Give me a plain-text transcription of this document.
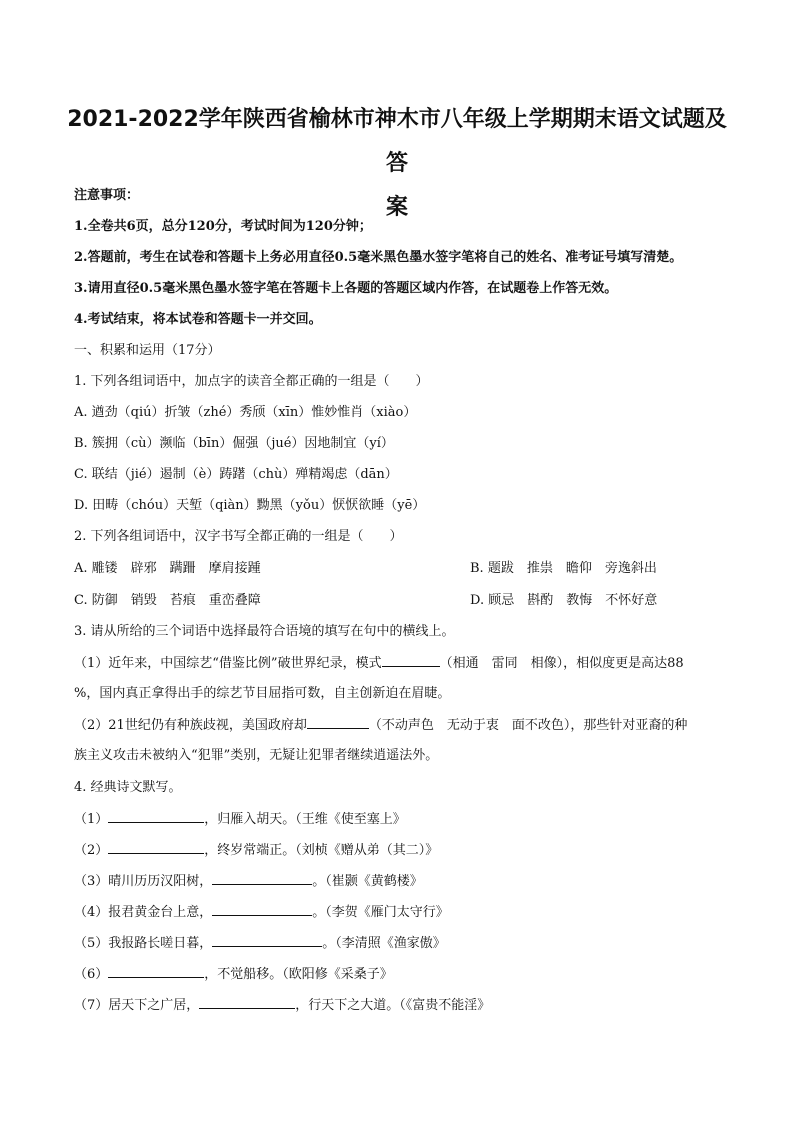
2021-2022学年陕西省榆林市神木市八年级上学期期末语文试题及答
案
注意事项：
1.全卷共6页，总分120分，考试时间为120分钟；
2.答题前，考生在试卷和答题卡上务必用直径0.5毫米黑色墨水签字笔将自己的姓名、准考证号填写清楚。
3.请用直径0.5毫米黑色墨水签字笔在答题卡上各题的答题区域内作答，在试题卷上作答无效。
4.考试结束，将本试卷和答题卡一并交回。
一、积累和运用（17分）
1. 下列各组词语中，加点字的读音全都正确的一组是（　　）
A. 遒劲（qiú）折皱（zhé）秀颀（xīn）惟妙惟肖（xiào）
B. 簇拥（cù）濒临（bīn）倔强（jué）因地制宜（yí）
C. 联结（jié）遏制（è）踌躇（chù）殚精竭虑（dān）
D. 田畴（chóu）天堑（qiàn）黝黑（yǒu）恹恹欲睡（yē）
2. 下列各组词语中，汉字书写全都正确的一组是（　　）
A. 雕镂　辟邪　蹒跚　摩肩接踵	B. 题跋　推祟　瞻仰　旁逸斜出
C. 防御　销毁　苔痕　重峦叠障	D. 顾忌　斟酌　教悔　不怀好意
3. 请从所给的三个词语中选择最符合语境的填写在句中的横线上。
（1）近年来，中国综艺“借鉴比例”破世界纪录，模式	（相通　雷同　相像），相似度更是高达88
%，国内真正拿得出手的综艺节目屈指可数，自主创新迫在眉睫。
（2）21世纪仍有种族歧视，美国政府却	（不动声色　无动于衷　面不改色），那些针对亚裔的种
族主义攻击未被纳入“犯罪”类别，无疑让犯罪者继续逍遥法外。
4. 经典诗文默写。
（1）	，归雁入胡天。（王维《使至塞上》
（2）	，终岁常端正。（刘桢《赠从弟（其二）》
（3）晴川历历汉阳树，	。（崔颢《黄鹤楼》
（4）报君黄金台上意，	。（李贺《雁门太守行》
（5）我报路长嗟日暮，	。（李清照《渔家傲》
（6）	，不觉船移。（欧阳修《采桑子》
（7）居天下之广居，	，行天下之大道。（《富贵不能淫》
